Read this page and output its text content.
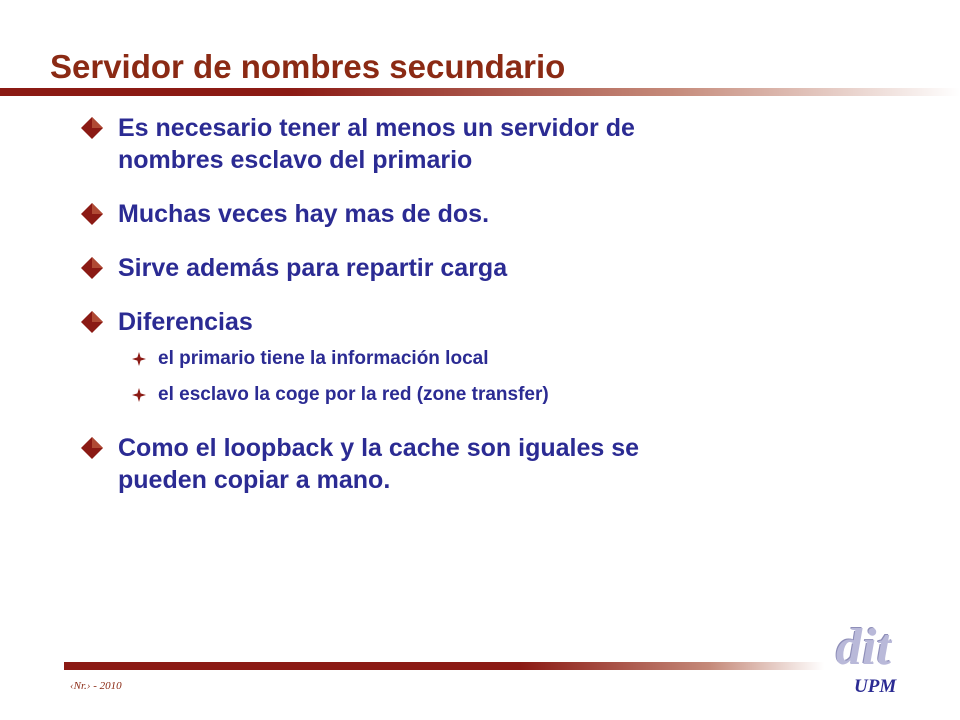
Servidor de nombres secundario
Es necesario tener al menos un servidor de
nombres esclavo del primario
Muchas veces hay mas de dos.
Sirve además para repartir carga
Diferencias
el primario tiene la información local
el esclavo la coge por la red (zone transfer)
Como el loopback y la cache son iguales se
pueden copiar a mano.
‹Nr.› - 2010
dit
UPM
